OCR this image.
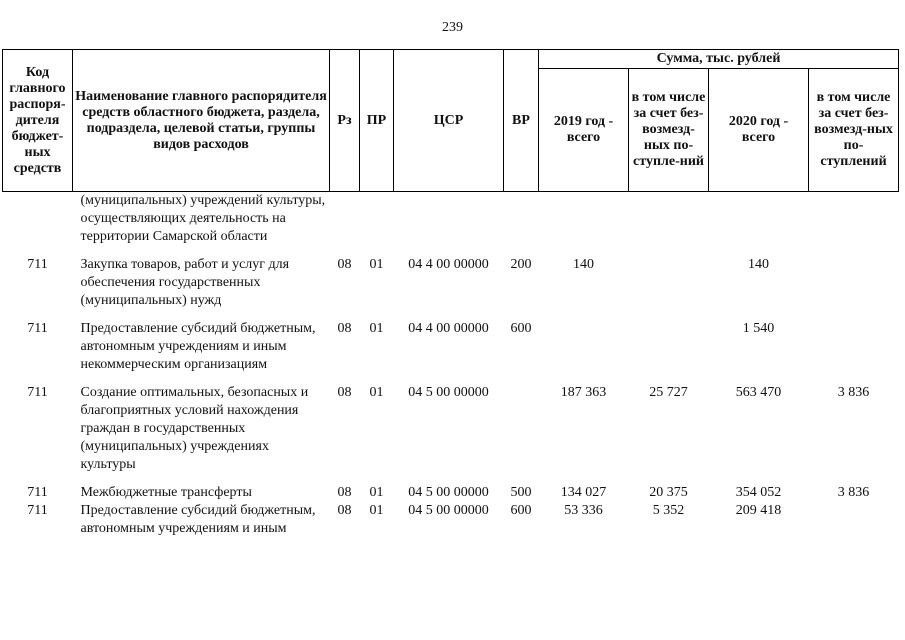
239
Код главного распоря-дителя бюджет-ных средств	Наименование главного распорядителя средств областного бюджета, раздела, подраздела, целевой статьи, группы видов расходов	Рз	ПР	ЦСР	ВР	Сумма, тыс. рублей			
						2019 год - всего	в том числе за счет без-возмезд-ных по-ступле-ний	2020 год - всего	в том числе за счет без-возмезд-ных по-ступлений
	(муниципальных) учреждений культуры, осуществляющих деятельность на территории Самарской области								

711	Закупка товаров, работ и услуг для обеспечения государственных (муниципальных) нужд	08	01	04 4 00 00000	200	140		140	

711	Предоставление субсидий бюджетным, автономным учреждениям и иным некоммерческим организациям	08	01	04 4 00 00000	600			1 540	

711	Создание оптимальных, безопасных и благоприятных условий нахождения граждан в государственных (муниципальных) учреждениях культуры	08	01	04 5 00 00000		187 363	25 727	563 470	3 836

711	Межбюджетные трансферты	08	01	04 5 00 00000	500	134 027	20 375	354 052	3 836
711	Предоставление субсидий бюджетным, автономным учреждениям и иным	08	01	04 5 00 00000	600	53 336	5 352	209 418	
